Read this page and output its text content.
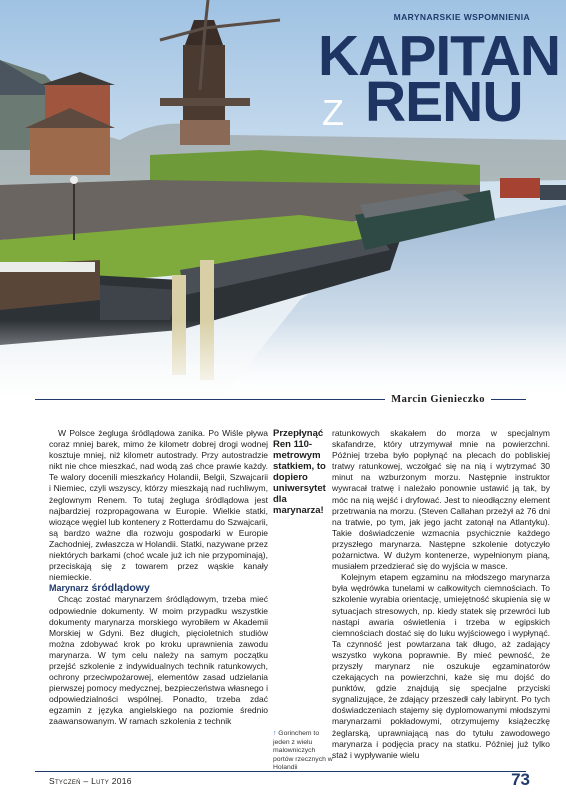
MARYNARSKIE WSPOMNIENIA
KAPITAN
Z RENU
Marcin Gienieczko

W Polsce żegluga śródlądowa zanika. Po Wiśle pływa coraz mniej barek, mimo że kilometr dobrej drogi wodnej kosztuje mniej, niż kilometr autostrady. Przy autostradzie nikt nie chce mieszkać, nad wodą zaś chce prawie każdy. Te walory docenili mieszkańcy Holandii, Belgii, Szwajcarii i Niemiec, czyli wszyscy, którzy mieszkają nad ruchliwym, żeglownym Renem. To tutaj żegluga śródlądowa jest najbardziej rozpropagowana w Europie. Wielkie statki, wiozące węgiel lub kontenery z Rotterdamu do Szwajcarii, są bardzo ważne dla rozwoju gospodarki w Europie Zachodniej, zwłaszcza w Holandii. Statki, nazywane przez niektórych barkami (choć wcale już ich nie przypominają), przeciskają się z towarem przez wąskie kanały niemieckie.

Marynarz śródlądowy

Chcąc zostać marynarzem śródlądowym, trzeba mieć odpowiednie dokumenty. W moim przypadku wszystkie dokumenty marynarza morskiego wyrobiłem w Akademii Morskiej w Gdyni. Bez długich, pięcioletnich studiów można zdobywać krok po kroku uprawnienia zawodu marynarza. W tym celu należy na samym początku przejść szkolenie z indywidualnych technik ratunkowych, ochrony przeciwpożarowej, elementów zasad udzielania pierwszej pomocy medycznej, bezpieczeństwa własnego i odpowiedzialności wspólnej. Ponadto, trzeba zdać egzamin z języka angielskiego na poziomie średnio zaawansowanym. W ramach szkolenia z technik

Przepłynąć Ren 110-metrowym statkiem, to dopiero uniwersytet dla marynarza!
↑ Gorinchem to jeden z wielu malowniczych portów rzecznych w Holandii

ratunkowych skakałem do morza w specjalnym skafandrze, który utrzymywał mnie na powierzchni. Później trzeba było popłynąć na plecach do pobliskiej tratwy ratunkowej, wczołgać się na nią i wytrzymać 30 minut na wzburzonym morzu. Następnie instruktor wywracał tratwę i należało ponownie ustawić ją tak, by móc na nią wejść i dryfować. Jest to nieodłączny element przetrwania na morzu. (Steven Callahan przeżył aż 76 dni na tratwie, po tym, jak jego jacht zatonął na Atlantyku). Takie doświadczenie wzmacnia psychicznie każdego przyszłego marynarza. Następne szkolenie dotyczyło pożarnictwa. W dużym kontenerze, wypełnionym pianą, musiałem przedzierać się do wyjścia w masce.

Kolejnym etapem egzaminu na młodszego marynarza była wędrówka tunelami w całkowitych ciemnościach. To szkolenie wyrabia orientację, umiejętność skupienia się w sytuacjach stresowych, np. kiedy statek się przewróci lub nastąpi awaria oświetlenia i trzeba w egipskich ciemnościach dostać się do luku wyjściowego i wypłynąć. Ta czynność jest powtarzana tak długo, aż zadający wszystko wykona poprawnie. By mieć pewność, że przyszły marynarz nie oszukuje egzaminatorów czekających na powierzchni, każe się mu dojść do punktów, gdzie znajdują się specjalne przyciski sygnalizujące, że zdający przeszedł cały labirynt. Po tych doświadczeniach stajemy się dyplomowanymi młodszymi marynarzami pokładowymi, otrzymujemy książeczkę żeglarską, uprawniającą nas do tytułu zawodowego marynarza i podjęcia pracy na statku. Później już tylko staż i wypływanie wielu

Styczeń – Luty 2016	73
